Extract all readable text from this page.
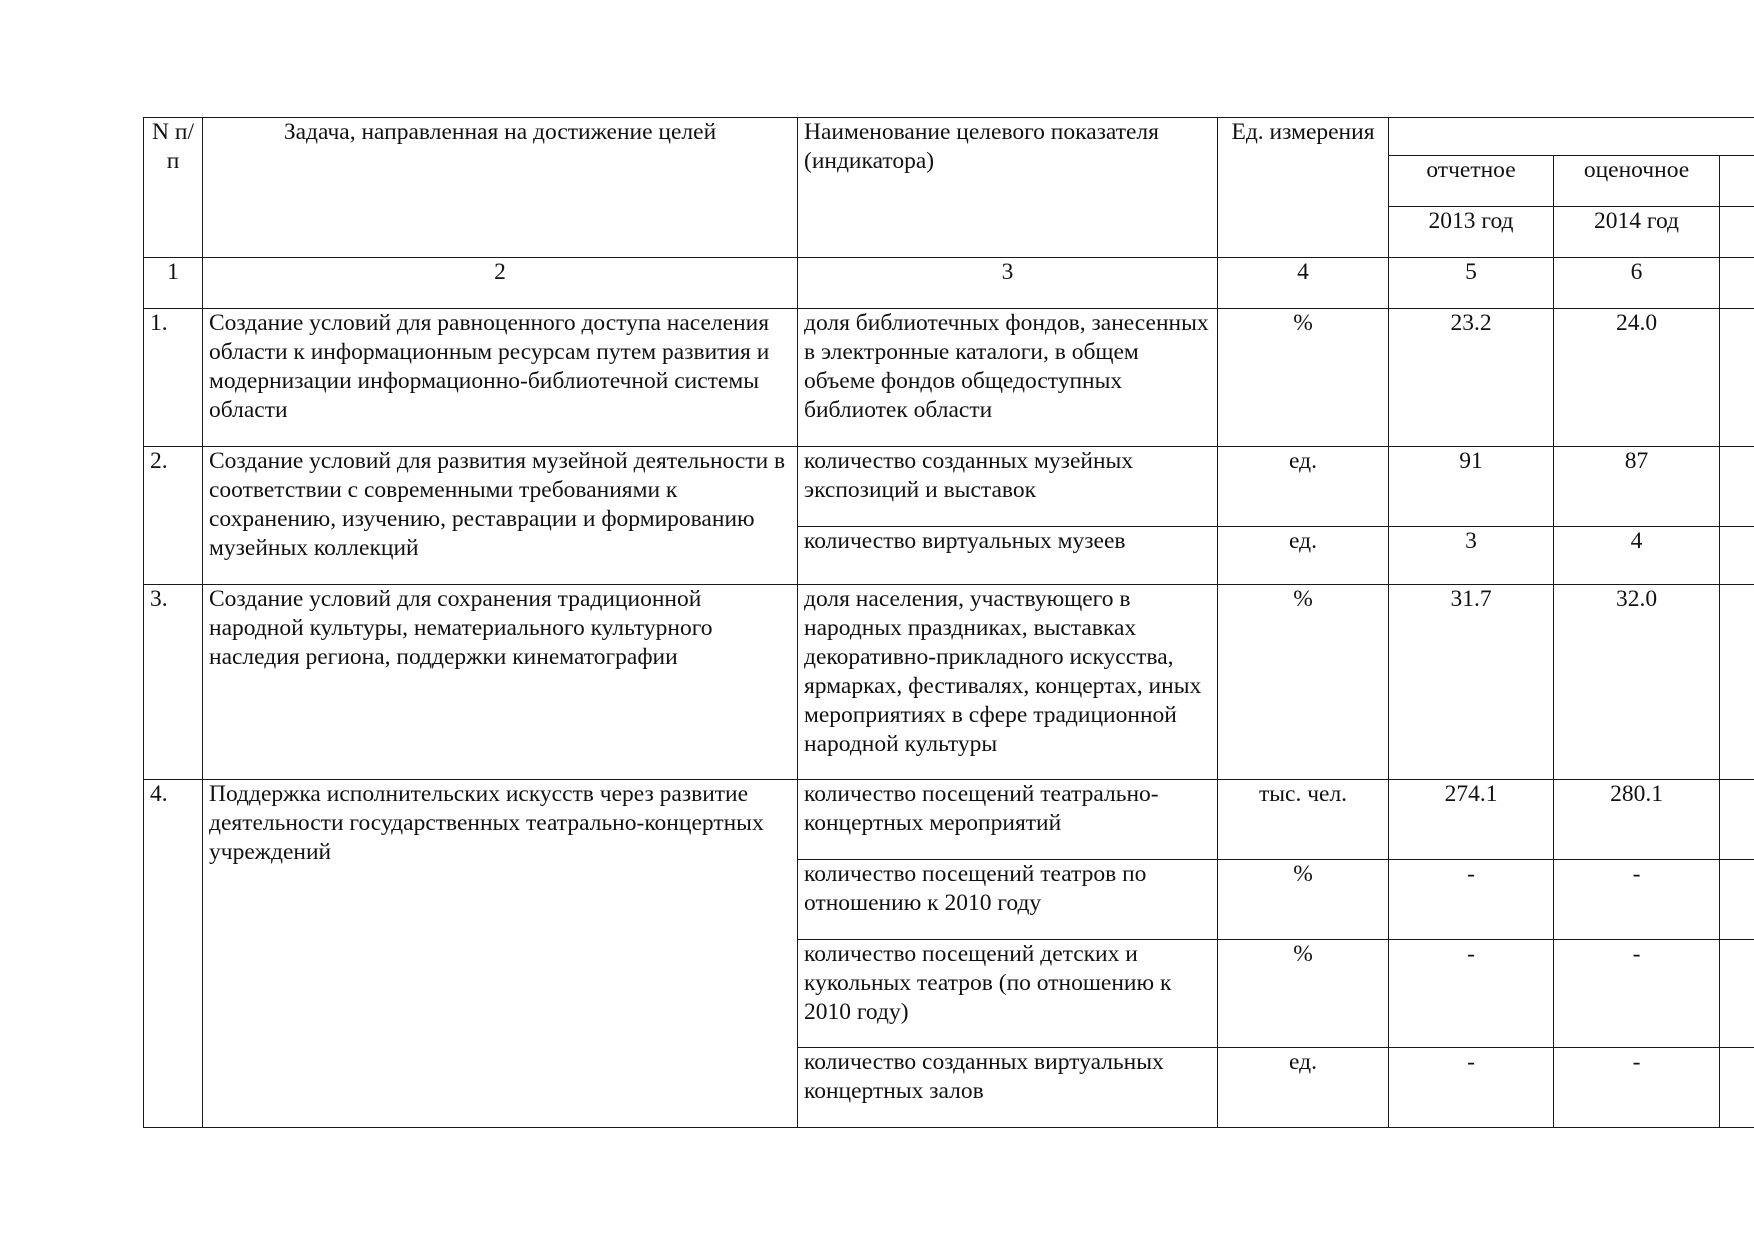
N п/п	Задача, направленная на достижение целей	Наименование целевого показателя (индикатора)	Ед. измерения			
				отчетное	оценочное	
				2013 год	2014 год	
1	2	3	4	5	6	
1.	Создание условий для равноценного доступа населения области к информационным ресурсам путем развития и модернизации информационно-библиотечной системы области	доля библиотечных фондов, занесенных в электронные каталоги, в общем объеме фондов общедоступных библиотек области	%	23.2	24.0	
2.	Создание условий для развития музейной деятельности в соответствии с современными требованиями к сохранению, изучению, реставрации и формированию музейных коллекций	количество созданных музейных экспозиций и выставок	ед.	91	87	
		количество виртуальных музеев	ед.	3	4	
3.	Создание условий для сохранения традиционной народной культуры, нематериального культурного наследия региона, поддержки кинематографии	доля населения, участвующего в народных праздниках, выставках декоративно-прикладного искусства, ярмарках, фестивалях, концертах, иных мероприятиях в сфере традиционной народной культуры	%	31.7	32.0	
4.	Поддержка исполнительских искусств через развитие деятельности государственных театрально-концертных учреждений	количество посещений театрально-концертных мероприятий	тыс. чел.	274.1	280.1	
		количество посещений театров по отношению к 2010 году	%	-	-	
		количество посещений детских и кукольных театров (по отношению к 2010 году)	%	-	-	
		количество созданных виртуальных концертных залов	ед.	-	-	
